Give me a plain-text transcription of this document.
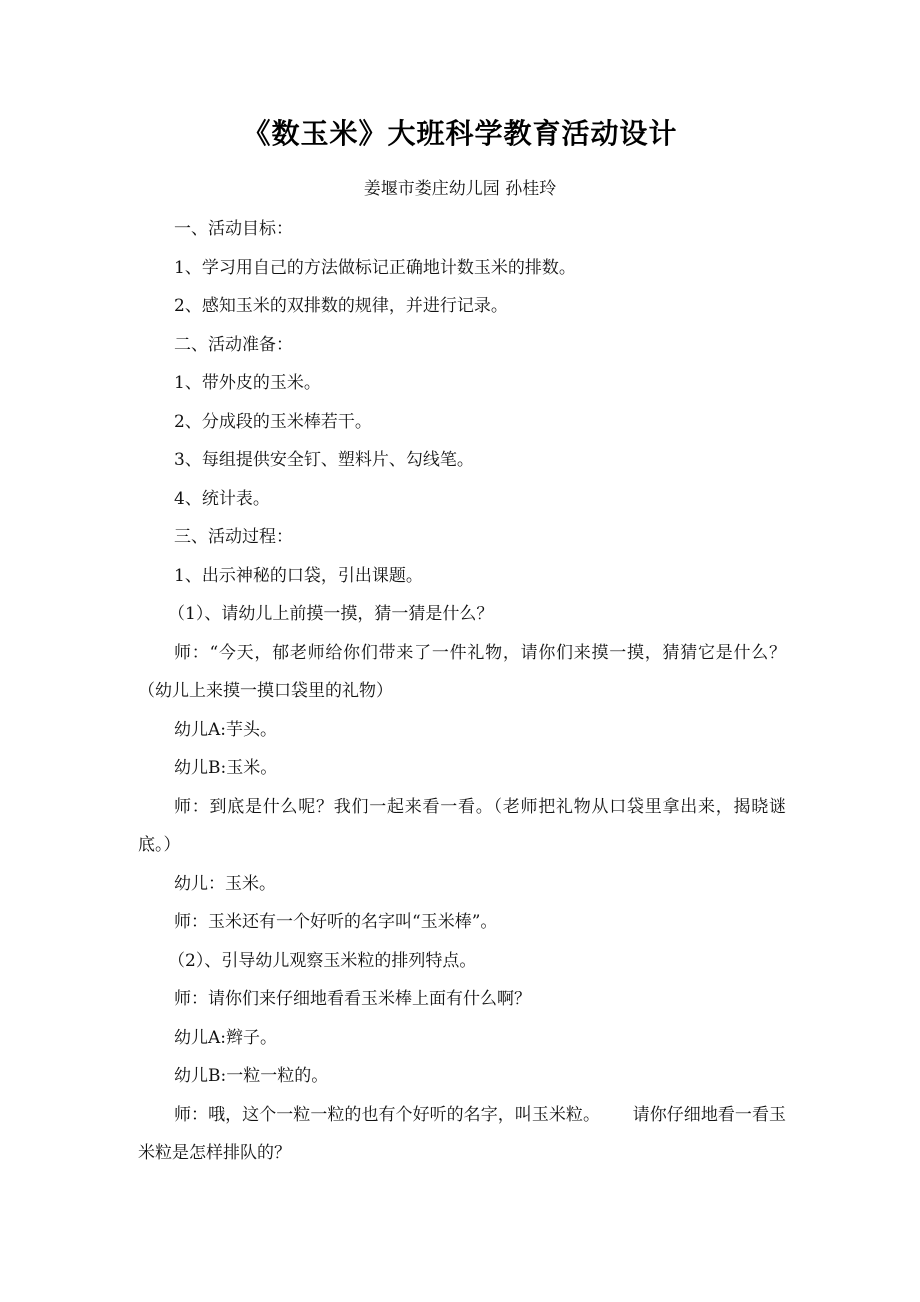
《数玉米》大班科学教育活动设计
姜堰市娄庄幼儿园 孙桂玲

一、活动目标：

1、学习用自己的方法做标记正确地计数玉米的排数。

2、感知玉米的双排数的规律，并进行记录。

二、活动准备：

1、带外皮的玉米。

2、分成段的玉米棒若干。

3、每组提供安全钉、塑料片、勾线笔。

4、统计表。

三、活动过程：

1、出示神秘的口袋，引出课题。

（1）、请幼儿上前摸一摸，猜一猜是什么？

师：“今天，郁老师给你们带来了一件礼物，请你们来摸一摸，猜猜它是什么？（幼儿上来摸一摸口袋里的礼物）

幼儿A:芋头。

幼儿B:玉米。

师：到底是什么呢？我们一起来看一看。（老师把礼物从口袋里拿出来，揭晓谜底。）

幼儿：玉米。

师：玉米还有一个好听的名字叫“玉米棒”。

（2）、引导幼儿观察玉米粒的排列特点。

师：请你们来仔细地看看玉米棒上面有什么啊？

幼儿A:辫子。

幼儿B:一粒一粒的。

师：哦，这个一粒一粒的也有个好听的名字，叫玉米粒。      请你仔细地看一看玉米粒是怎样排队的？
